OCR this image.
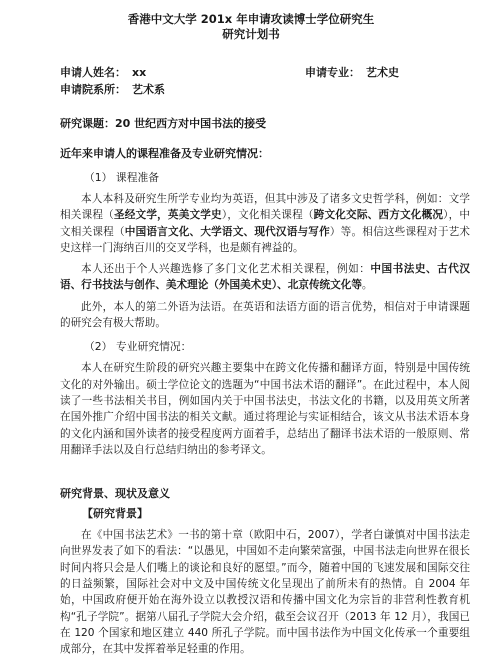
香港中文大学 201x 年申请攻读博士学位研究生
研究计划书
申请人姓名： xx	申请专业： 艺术史
申请院系所： 艺术系
研究课题：20 世纪西方对中国书法的接受
近年来申请人的课程准备及专业研究情况：
（1） 课程准备

本人本科及研究生所学专业均为英语，但其中涉及了诸多文史哲学科，例如：文学相关课程（圣经文学，英美文学史），文化相关课程（跨文化交际、西方文化概况），中文相关课程（中国语言文化、大学语文、现代汉语与写作）等。相信这些课程对于艺术史这样一门海纳百川的交叉学科，也是颇有裨益的。

本人还出于个人兴趣选修了多门文化艺术相关课程，例如：中国书法史、古代汉语、行书技法与创作、美术理论（外国美术史）、北京传统文化等。

此外，本人的第二外语为法语。在英语和法语方面的语言优势，相信对于申请课题的研究会有极大帮助。

（2） 专业研究情况：

本人在研究生阶段的研究兴趣主要集中在跨文化传播和翻译方面，特别是中国传统文化的对外输出。硕士学位论文的选题为“中国书法术语的翻译”。在此过程中，本人阅读了一些书法相关书目，例如国内关于中国书法史，书法文化的书籍，以及用英文所著在国外推广介绍中国书法的相关文献。通过将理论与实证相结合，该文从书法术语本身的文化内涵和国外读者的接受程度两方面着手，总结出了翻译书法术语的一般原则、常用翻译手法以及自行总结归纳出的参考译文。

研究背景、现状及意义
【研究背景】

在《中国书法艺术》一书的第十章（欧阳中石，2007），学者白谦慎对中国书法走向世界发表了如下的看法：“以愚见，中国如不走向繁荣富强，中国书法走向世界在很长时间内将只会是人们嘴上的谈论和良好的愿望。”而今，随着中国的飞速发展和国际交往的日益频繁，国际社会对中文及中国传统文化呈现出了前所未有的热情。自 2004 年始，中国政府便开始在海外设立以教授汉语和传播中国文化为宗旨的非营利性教育机构“孔子学院”。据第八届孔子学院大会介绍，截至会议召开（2013 年 12 月），我国已在 120 个国家和地区建立 440 所孔子学院。而中国书法作为中国文化传承一个重要组成部分，在其中发挥着举足轻重的作用。
